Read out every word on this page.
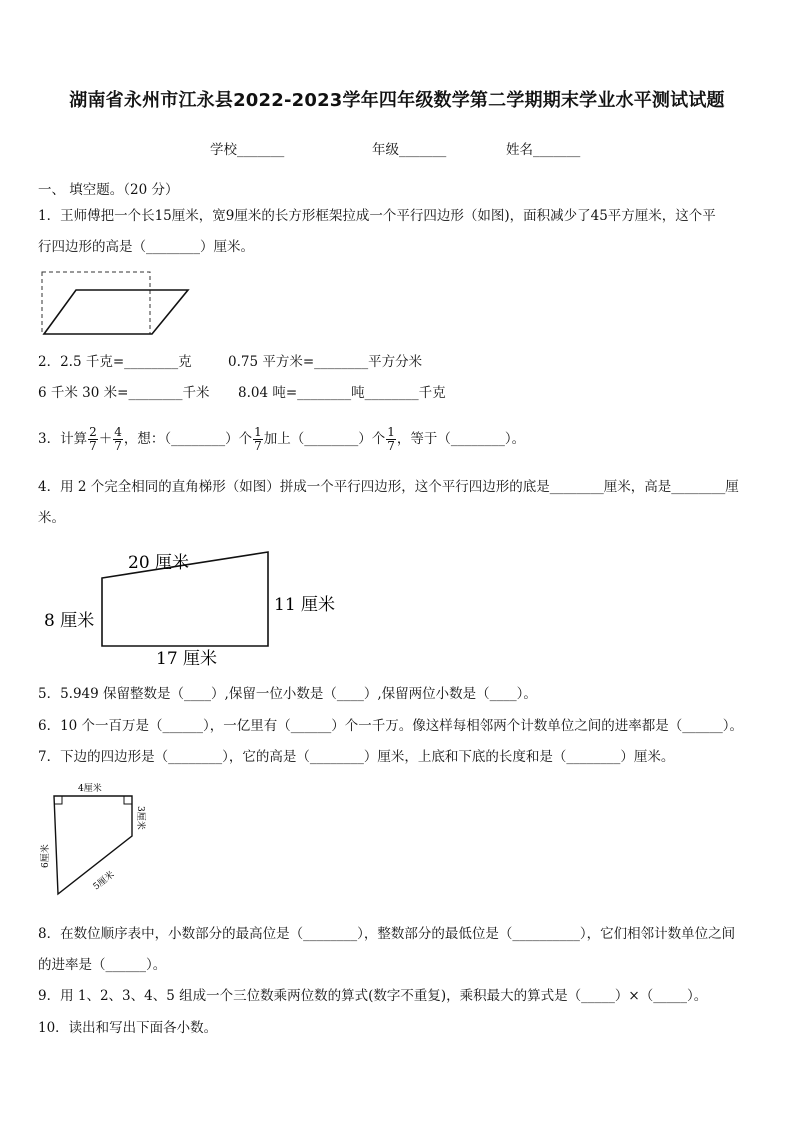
湖南省永州市江永县2022-2023学年四年级数学第二学期期末学业水平测试试题
学校_______	年级_______	姓名_______
一、 填空题。（20 分）
1．王师傅把一个长15厘米，宽9厘米的长方形框架拉成一个平行四边形（如图)，面积减少了45平方厘米，这个平
行四边形的高是（________）厘米。
2．2.5 千克=________克	0.75 平方米=________平方分米
6 千米 30 米=________千米	8.04 吨=________吨________千克
3．计算 $\frac{2}{7} + \frac{4}{7}$ ，想：（________）个 $\frac{1}{7}$ 加上（________）个 $\frac{1}{7}$ ，等于（________）。
4．用 2 个完全相同的直角梯形（如图）拼成一个平行四边形，这个平行四边形的底是________厘米，高是________厘
米。
20 厘米
8 厘米
11 厘米
17 厘米
5．5.949 保留整数是（____）,保留一位小数是（____）,保留两位小数是（____）。
6．10 个一百万是（______），一亿里有（______）个一千万。像这样每相邻两个计数单位之间的进率都是（______）。
7．下边的四边形是（________），它的高是（________）厘米，上底和下底的长度和是（________）厘米。
4厘米
6厘米
3厘米
5厘米
8．在数位顺序表中，小数部分的最高位是（________），整数部分的最低位是（__________），它们相邻计数单位之间
的进率是（______）。
9．用 1、2、3、4、5 组成一个三位数乘两位数的算式(数字不重复)，乘积最大的算式是（_____）×（_____）。
10．读出和写出下面各小数。
